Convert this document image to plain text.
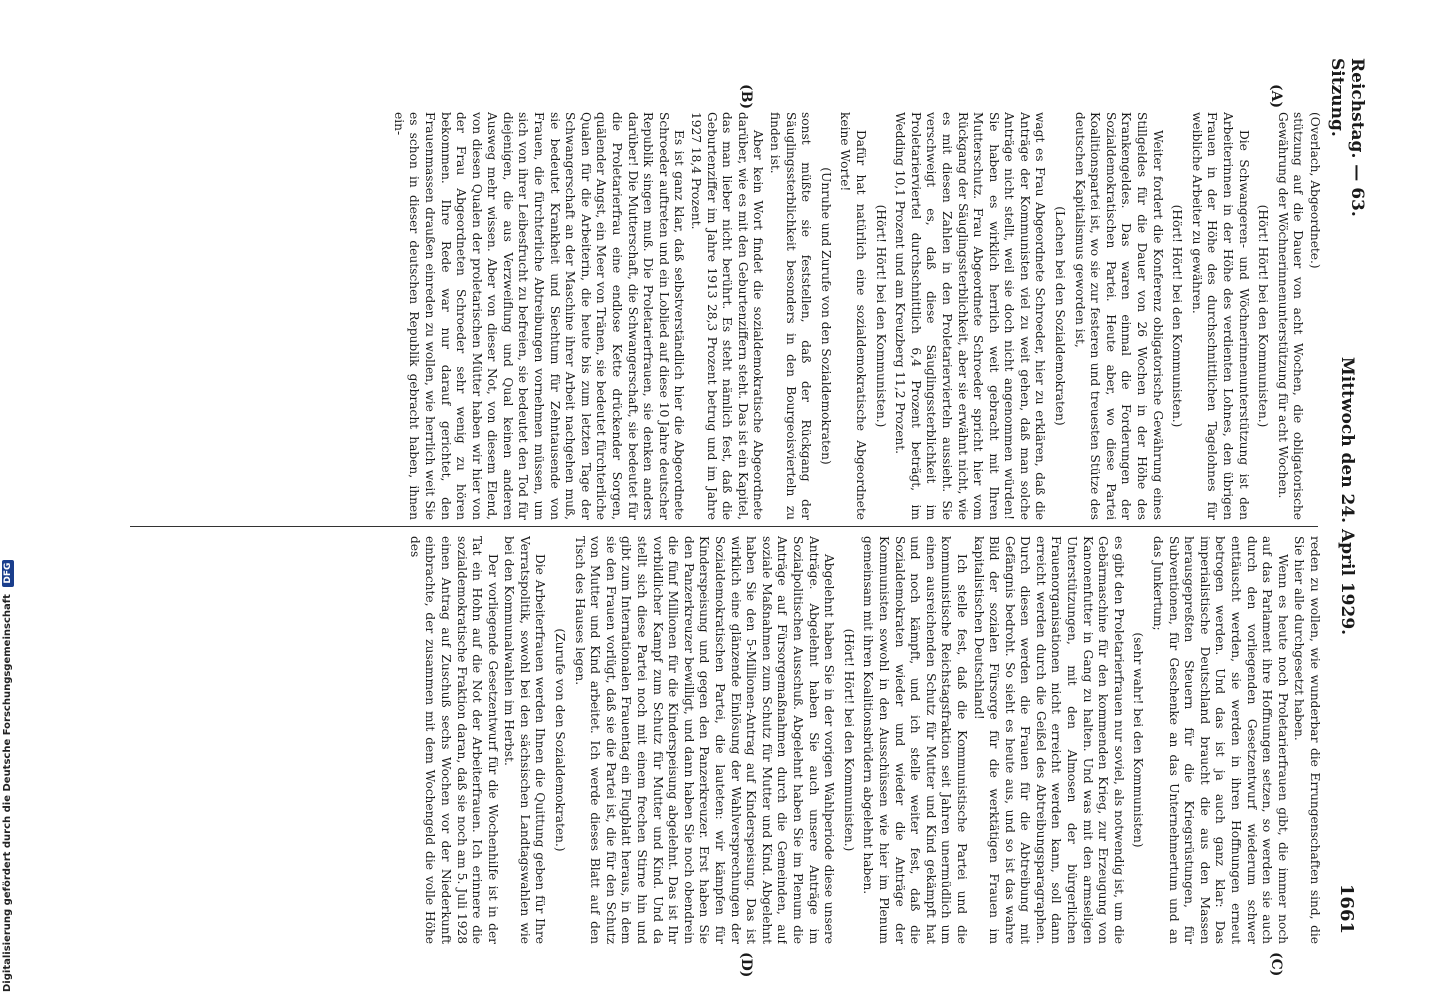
Reichstag. — 63. Sitzung.
Mittwoch den 24. April 1929.
1661
(A)
(B)
(C)
(D)

(Overlach, Abgeordnete.)

stützung auf die Dauer von acht Wochen, die obligatorische Gewährung der Wöchnerinnenunterstützung für acht Wochen.

(Hört! Hört! bei den Kommunisten.)

Die Schwangeren- und Wöchnerinnenunterstützung ist den Arbeiterinnen in der Höhe des verdienten Lohnes, den übrigen Frauen in der Höhe des durchschnittlichen Tagelohnes für weibliche Arbeiter zu gewähren.

(Hört! Hört! bei den Kommunisten.)

Weiter fordert die Konferenz obligatorische Gewährung eines Stillgeldes für die Dauer von 26 Wochen in der Höhe des Krankengeldes. Das waren einmal die Forderungen der Sozialdemokratischen Partei. Heute aber, wo diese Partei Koalitionspartei ist, wo sie zur festeren und treuesten Stütze des deutschen Kapitalismus geworden ist,

(Lachen bei den Sozialdemokraten)

wagt es Frau Abgeordnete Schroeder, hier zu erklären, daß die Anträge der Kommunisten viel zu weit gehen, daß man solche Anträge nicht stellt, weil sie doch nicht angenommen würden! Sie haben es wirklich herrlich weit gebracht mit Ihren Mutterschutz. Frau Abgeordnete Schroeder spricht hier vom Rückgang der Säuglingssterblichkeit, aber sie erwähnt nicht, wie es mit diesen Zahlen in den Proletariervierteln aussieht. Sie verschweigt es, daß diese Säuglingssterblichkeit im Proletarierviertel durchschnittlich 6,4 Prozent beträgt, im Wedding 10,1 Prozent und am Kreuzberg 11,2 Prozent.

(Hört! Hört! bei den Kommunisten.)

Dafür hat natürlich eine sozialdemokratische Abgeordnete keine Worte!

(Unruhe und Zurufe von den Sozialdemokraten)

sonst müßte sie feststellen, daß der Rückgang der Säuglingssterblichkeit besonders in den Bourgeoisvierteln zu finden ist.

Aber kein Wort findet die sozialdemokratische Abgeordnete darüber, wie es mit den Geburtenziffern steht. Das ist ein Kapitel, das man lieber nicht berührt. Es steht nämlich fest, daß die Geburtenziffer im Jahre 1913 28,3 Prozent betrug und im Jahre 1927 18,4 Prozent.

Es ist ganz klar, daß selbstverständlich hier die Abgeordnete Schroeder auftreten und ein Loblied auf diese 10 Jahre deutscher Republik singen muß. Die Proletarierfrauen, sie denken anders darüber! Die Mutterschaft, die Schwangerschaft, sie bedeutet für die Proletarierfrau eine endlose Kette drückender Sorgen, quälender Angst, ein Meer von Tränen, sie bedeutet fürchterliche Qualen für die Arbeiterin, die heute bis zum letzten Tage der Schwangerschaft an der Maschine ihrer Arbeit nachgehen muß, sie bedeutet Krankheit und Siechtum für Zehntausende von Frauen, die fürchterliche Abtreibungen vornehmen müssen, um sich von ihrer Leibesfrucht zu befreien, sie bedeutet den Tod für diejenigen, die aus Verzweiflung und Qual keinen anderen Ausweg mehr wissen. Aber von dieser Not, von diesem Elend, von diesen Qualen der proletarischen Mütter haben wir hier von der Frau Abgeordneten Schroeder sehr wenig zu hören bekommen. Ihre Rede war nur darauf gerichtet, den Frauenmassen draußen einreden zu wollen, wie herrlich weit Sie es schon in dieser deutschen Republik gebracht haben, ihnen ein-

reden zu wollen, wie wunderbar die Errungenschaften sind, die Sie hier alle durchgesetzt haben.

Wenn es heute noch Proletarierfrauen gibt, die immer noch auf das Parlament ihre Hoffnungen setzen, so werden sie auch durch den vorliegenden Gesetzentwurf wiederum schwer enttäuscht werden, sie werden in ihren Hoffnungen erneut betrogen werden. Und das ist ja auch ganz klar: Das imperialistische Deutschland braucht die aus den Massen herausgepreßten Steuern für die Kriegsrüstungen, für Subventionen, für Geschenke an das Unternehmertum und an das Junkertum;

(sehr wahr! bei den Kommunisten)

es gibt den Proletarierfrauen nur soviel, als notwendig ist, um die Gebärmaschine für den kommenden Krieg, zur Erzeugung von Kanonenfutter in Gang zu halten. Und was mit den armseligen Unterstützungen, mit den Almosen der bürgerlichen Frauenorganisationen nicht erreicht werden kann, soll dann erreicht werden durch die Geißel des Abtreibungsparagraphen. Durch diesen werden die Frauen für die Abtreibung mit Gefängnis bedroht. So sieht es heute aus, und so ist das wahre Bild der sozialen Fürsorge für die werktätigen Frauen im kapitalistischen Deutschland!

Ich stelle fest, daß die Kommunistische Partei und die kommunistische Reichstagsfraktion seit Jahren unermüdlich um einen ausreichenden Schutz für Mutter und Kind gekämpft hat und noch kämpft, und ich stelle weiter fest, daß die Sozialdemokraten wieder und wieder die Anträge der Kommunisten sowohl in den Ausschüssen wie hier im Plenum gemeinsam mit ihren Koalitionsbrüdern abgelehnt haben.

(Hört! Hört! bei den Kommunisten.)

Abgelehnt haben Sie in der vorigen Wahlperiode diese unsere Anträge. Abgelehnt haben Sie auch unsere Anträge im Sozialpolitischen Ausschuß. Abgelehnt haben Sie im Plenum die Anträge auf Fürsorgemaßnahmen durch die Gemeinden, auf soziale Maßnahmen zum Schutz für Mutter und Kind. Abgelehnt haben Sie den 5-Millionen-Antrag auf Kinderspeisung. Das ist wirklich eine glänzende Einlösung der Wahlversprechungen der Sozialdemokratischen Partei, die lauteten: wir kämpfen für Kinderspeisung und gegen den Panzerkreuzer. Erst haben Sie den Panzerkreuzer bewilligt, und dann haben Sie noch obendrein die fünf Millionen für die Kinderspeisung abgelehnt. Das ist Ihr vorbildlicher Kampf zum Schutz für Mutter und Kind. Und da stellt sich diese Partei noch mit einem frechen Stirne hin und gibt zum Internationalen Frauentag ein Flugblatt heraus, in dem sie den Frauen vorlügt, daß sie die Partei ist, die für den Schutz von Mutter und Kind arbeitet. Ich werde dieses Blatt auf den Tisch des Hauses legen.

(Zurufe von den Sozialdemokraten.)

Die Arbeiterfrauen werden Ihnen die Quittung geben für Ihre Verratspolitik, sowohl bei den sächsischen Landtagswahlen wie bei den Kommunalwahlen im Herbst.

Der vorliegende Gesetzentwurf für die Wochenhilfe ist in der Tat ein Hohn auf die Not der Arbeiterfrauen. Ich erinnere die sozialdemokratische Fraktion daran, daß sie noch am 5. Juli 1928 einen Antrag auf Zuschuß sechs Wochen vor der Niederkunft einbrachte, der zusammen mit dem Wochengeld die volle Höhe des

Digitalisierung gefördert durch die Deutsche Forschungsgemeinschaft DFG
